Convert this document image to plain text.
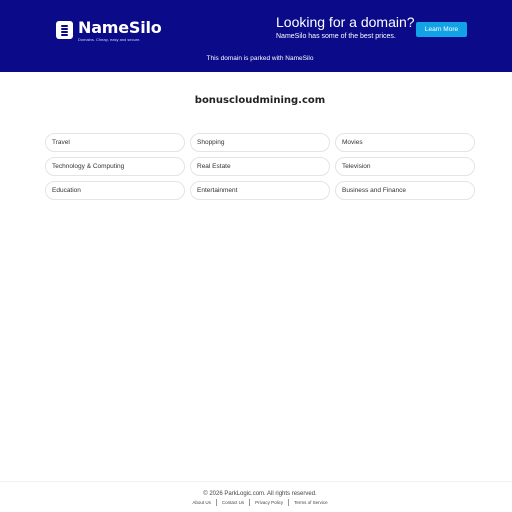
NameSilo
Domains. Cheap, easy and secure.
Looking for a domain?
NameSilo has some of the best prices.
Learn More
This domain is parked with NameSilo
bonuscloudmining.com
Travel	Shopping	Movies
Technology & Computing	Real Estate	Television
Education	Entertainment	Business and Finance
© 2026 ParkLogic.com. All rights reserved.
About Us	Contact Us	Privacy Policy	Terms of Service
